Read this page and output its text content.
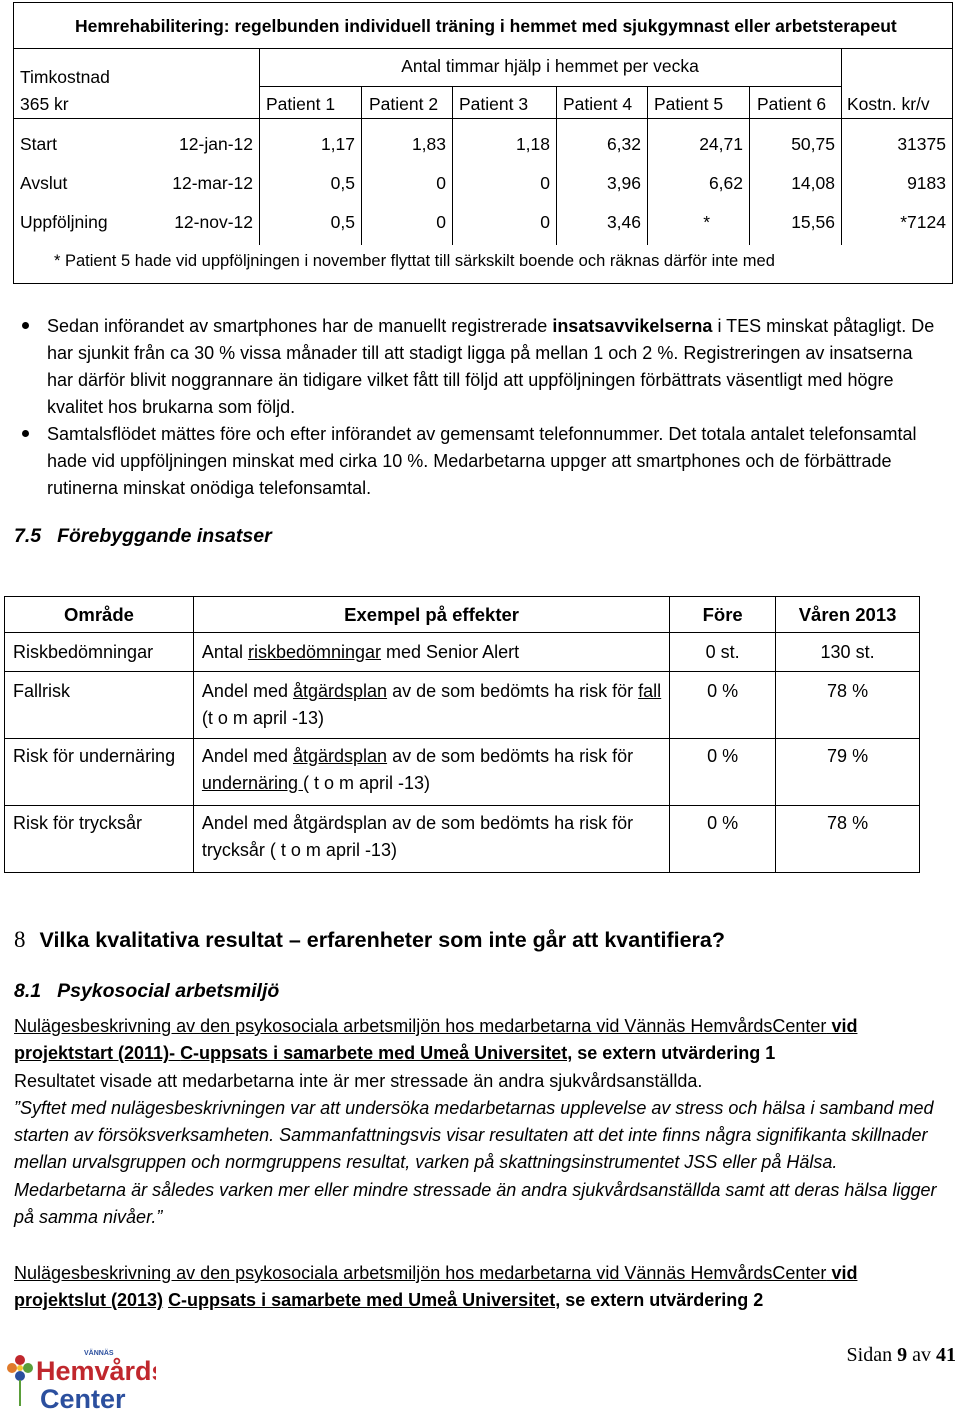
Hemrehabilitering: regelbunden individuell träning i hemmet med sjukgymnast eller arbetsterapeut
Timkostnad
365 kr
Antal timmar hjälp i hemmet per vecka
Patient 1 Patient 2 Patient 3 Patient 4 Patient 5 Patient 6 Kostn. kr/v
Start	12-jan-12	1,17	1,83	1,18	6,32	24,71	50,75	31375
Avslut	12-mar-12	0,5	0	0	3,96	6,62	14,08	9183
Uppföljning	12-nov-12	0,5	0	0	3,46	*	15,56	*7124
* Patient 5 hade vid uppföljningen i november flyttat till särkskilt boende och räknas därför inte med
Sedan införandet av smartphones har de manuellt registrerade insatsavvikelserna i TES minskat påtagligt. De har sjunkit från ca 30 % vissa månader till att stadigt ligga på mellan 1 och 2 %. Registreringen av insatserna har därför blivit noggrannare än tidigare vilket fått till följd att uppföljningen förbättrats väsentligt med högre kvalitet hos brukarna som följd.
Samtalsflödet mättes före och efter införandet av gemensamt telefonnummer. Det totala antalet telefonsamtal hade vid uppföljningen minskat med cirka 10 %. Medarbetarna uppger att smartphones och de förbättrade rutinerna minskat onödiga telefonsamtal.
7.5 Förebyggande insatser
Område	Exempel på effekter	Före	Våren 2013
Riskbedömningar	Antal riskbedömningar med Senior Alert	0 st.	130 st.
Fallrisk	Andel med åtgärdsplan av de som bedömts ha risk för fall (t o m april -13)	0 %	78 %
Risk för undernäring	Andel med åtgärdsplan av de som bedömts ha risk för undernäring ( t o m april -13)	0 %	79 %
Risk för trycksår	Andel med åtgärdsplan av de som bedömts ha risk för trycksår ( t o m april -13)	0 %	78 %
8 Vilka kvalitativa resultat – erfarenheter som inte går att kvantifiera?
8.1 Psykosocial arbetsmiljö
Nulägesbeskrivning av den psykosociala arbetsmiljön hos medarbetarna vid Vännäs HemvårdsCenter vid projektstart (2011)- C-uppsats i samarbete med Umeå Universitet, se extern utvärdering 1
Resultatet visade att medarbetarna inte är mer stressade än andra sjukvårdsanställda.
”Syftet med nulägesbeskrivningen var att undersöka medarbetarnas upplevelse av stress och hälsa i samband med starten av försöksverksamheten. Sammanfattningsvis visar resultaten att det inte finns några signifikanta skillnader mellan urvalsgruppen och normgruppens resultat, varken på skattningsinstrumentet JSS eller på Hälsa. Medarbetarna är således varken mer eller mindre stressade än andra sjukvårdsanställda samt att deras hälsa ligger på samma nivåer.”
Nulägesbeskrivning av den psykosociala arbetsmiljön hos medarbetarna vid Vännäs HemvårdsCenter vid projektslut (2013) C-uppsats i samarbete med Umeå Universitet, se extern utvärdering 2
VÄNNÄS
Hemvårds
Center
Sidan 9 av 41
